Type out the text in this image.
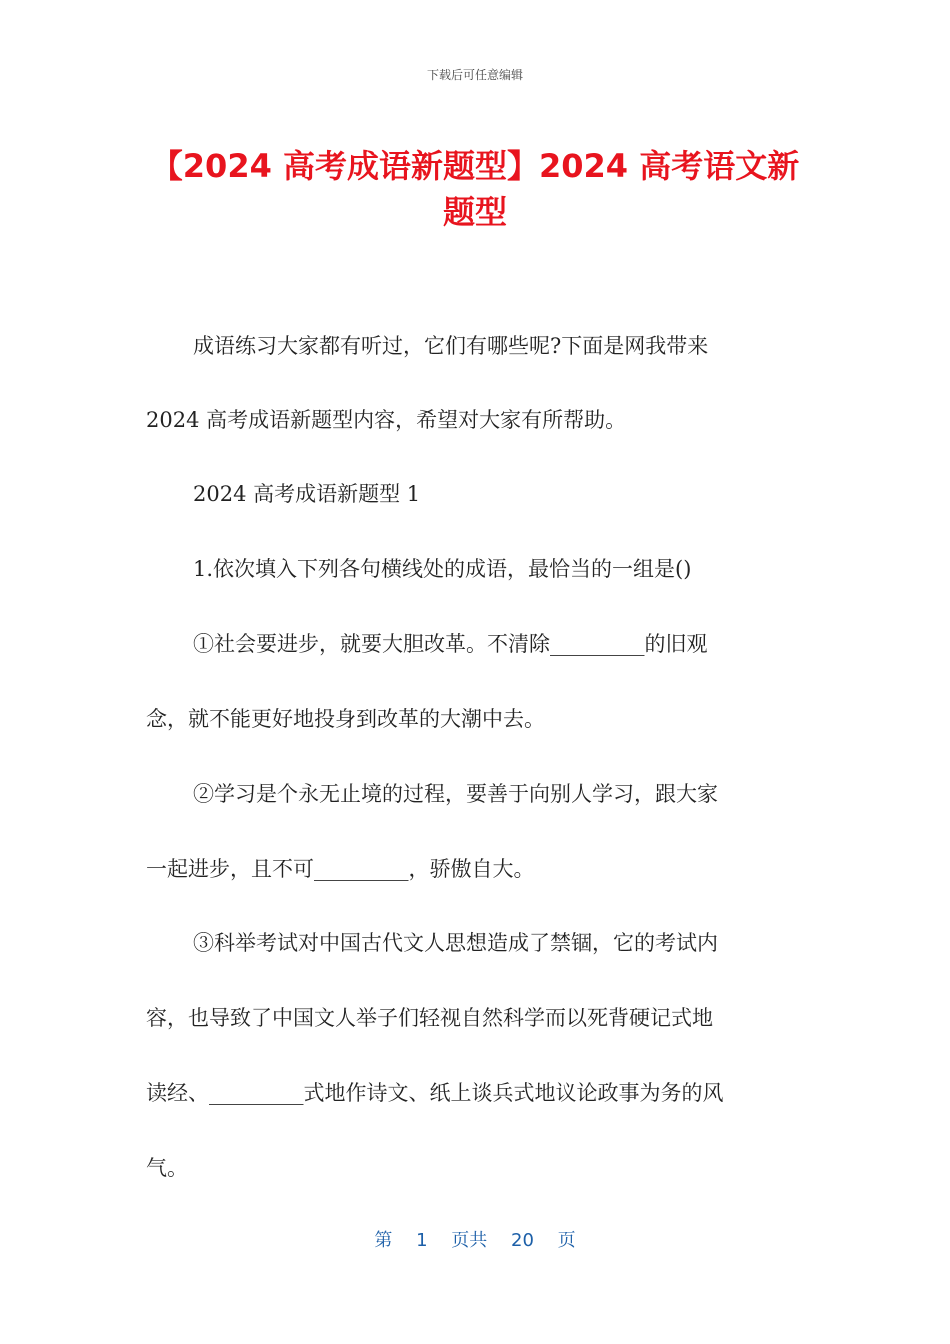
下载后可任意编辑
【2024 高考成语新题型】2024 高考语文新
题型
成语练习大家都有听过，它们有哪些呢?下面是网我带来
2024 高考成语新题型内容，希望对大家有所帮助。
2024 高考成语新题型 1
1.依次填入下列各句横线处的成语，最恰当的一组是()
①社会要进步，就要大胆改革。不清除_________的旧观
念，就不能更好地投身到改革的大潮中去。
②学习是个永无止境的过程，要善于向别人学习，跟大家
一起进步，且不可_________，骄傲自大。
③科举考试对中国古代文人思想造成了禁锢，它的考试内
容，也导致了中国文人举子们轻视自然科学而以死背硬记式地
读经、_________式地作诗文、纸上谈兵式地议论政事为务的风
气。
第 1 页共 20 页
